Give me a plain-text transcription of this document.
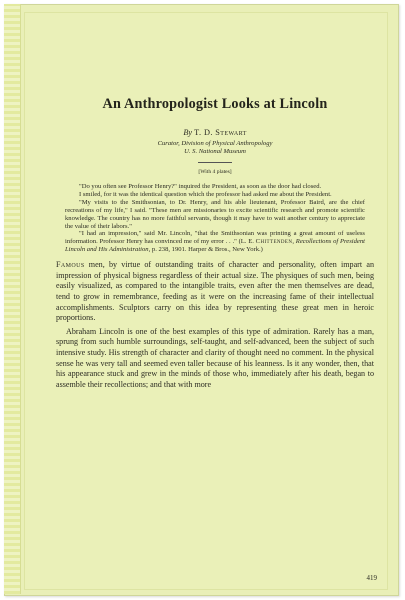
An Anthropologist Looks at Lincoln
By T. D. Stewart
Curator, Division of Physical Anthropology
U. S. National Museum
[With 4 plates]

"Do you often see Professor Henry?" inquired the President, as soon as the door had closed.

I smiled, for it was the identical question which the professor had asked me about the President.

"My visits to the Smithsonian, to Dr. Henry, and his able lieutenant, Professor Baird, are the chief recreations of my life," I said. "These men are missionaries to excite scientific research and promote scientific knowledge. The country has no more faithful servants, though it may have to wait another century to appreciate the value of their labors."

"I had an impression," said Mr. Lincoln, "that the Smithsonian was printing a great amount of useless information. Professor Henry has convinced me of my error . . ." (L. E. Chittenden, Recollections of President Lincoln and His Administration, p. 238, 1901. Harper & Bros., New York.)

Famous men, by virtue of outstanding traits of character and personality, often impart an impression of physical bigness regardless of their actual size. The physiques of such men, being easily visualized, as compared to the intangible traits, even after the men themselves are dead, tend to grow in remembrance, feeding as it were on the increasing fame of their intellectual accomplishments. Sculptors carry on this idea by representing these great men in heroic proportions.

Abraham Lincoln is one of the best examples of this type of admiration. Rarely has a man, sprung from such humble surroundings, self-taught, and self-advanced, been the subject of such intensive study. His strength of character and clarity of thought need no comment. In the physical sense he was very tall and seemed even taller because of his leanness. Is it any wonder, then, that his appearance stuck and grew in the minds of those who, immediately after his death, began to assemble their recollections; and that with more

419
